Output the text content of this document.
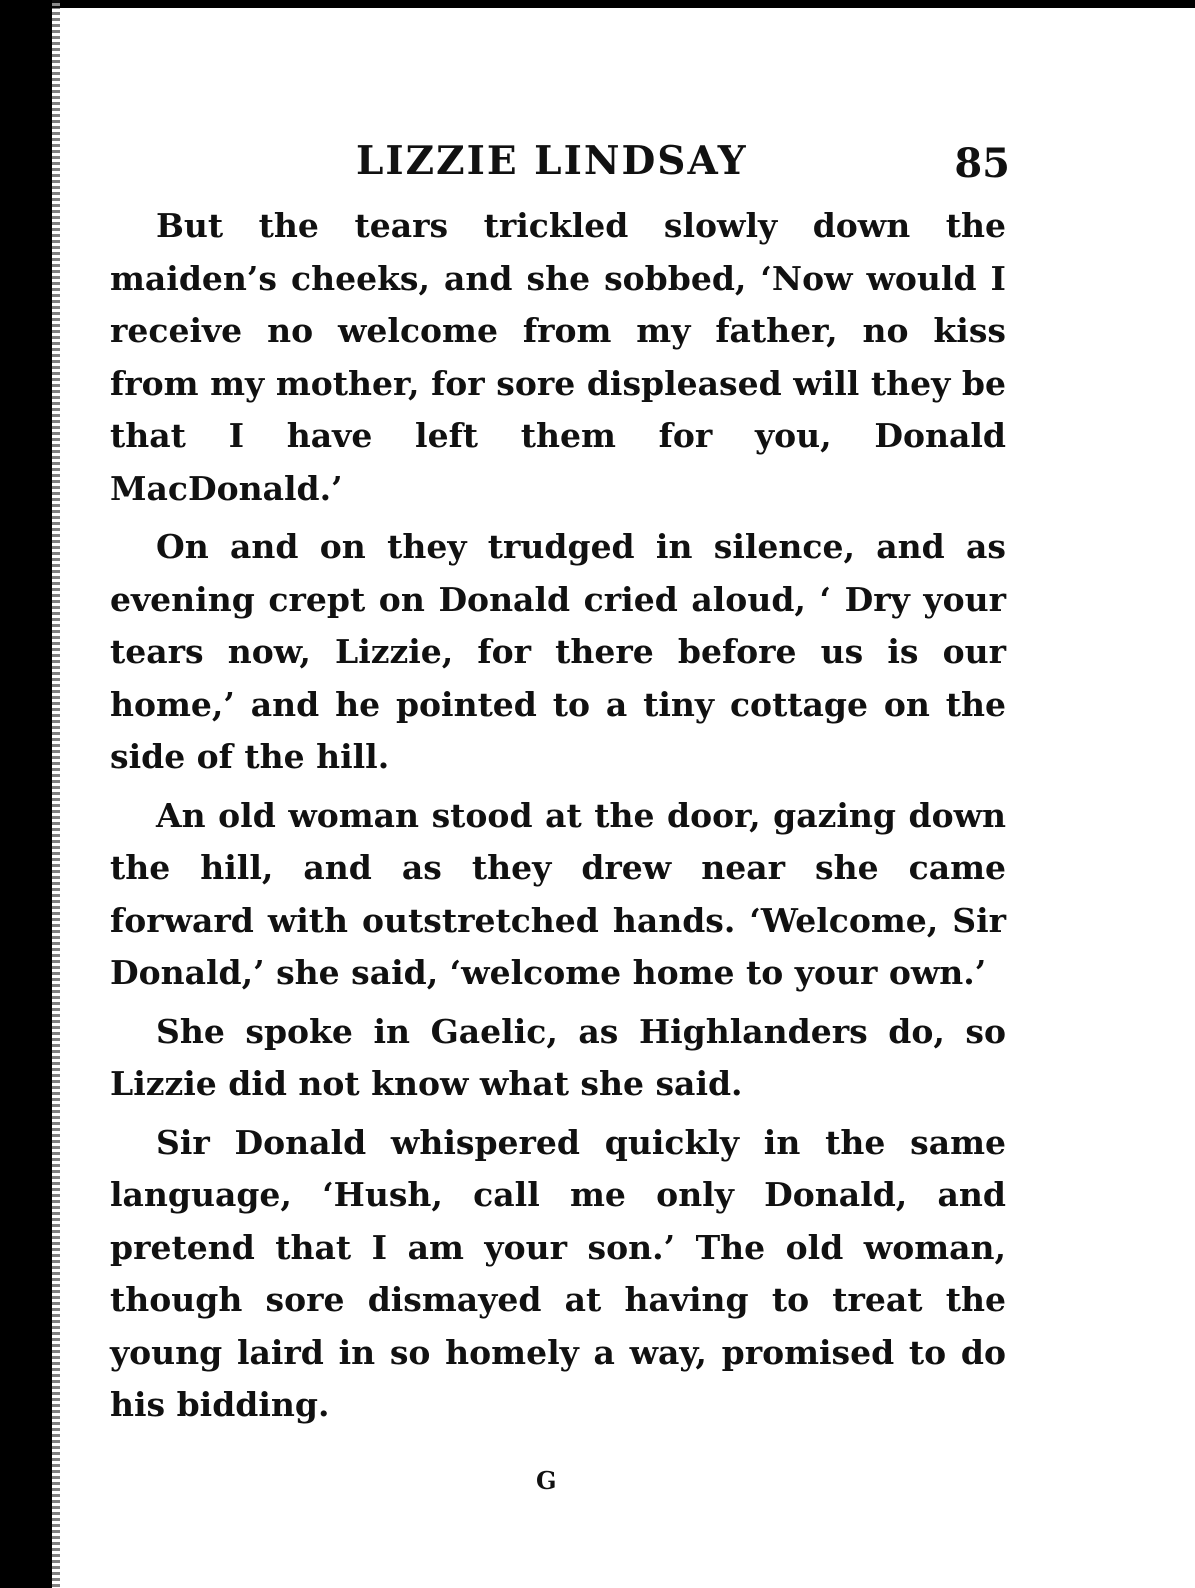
LIZZIE LINDSAY	85

But the tears trickled slowly down the maiden’s cheeks, and she sobbed, ‘Now would I receive no welcome from my father, no kiss from my mother, for sore displeased will they be that I have left them for you, Donald MacDonald.’

On and on they trudged in silence, and as evening crept on Donald cried aloud, ‘ Dry your tears now, Lizzie, for there before us is our home,’ and he pointed to a tiny cottage on the side of the hill.

An old woman stood at the door, gazing down the hill, and as they drew near she came forward with outstretched hands. ‘Welcome, Sir Donald,’ she said, ‘welcome home to your own.’

She spoke in Gaelic, as Highlanders do, so Lizzie did not know what she said.

Sir Donald whispered quickly in the same language, ‘Hush, call me only Donald, and pretend that I am your son.’ The old woman, though sore dismayed at having to treat the young laird in so homely a way, promised to do his bidding.

G
